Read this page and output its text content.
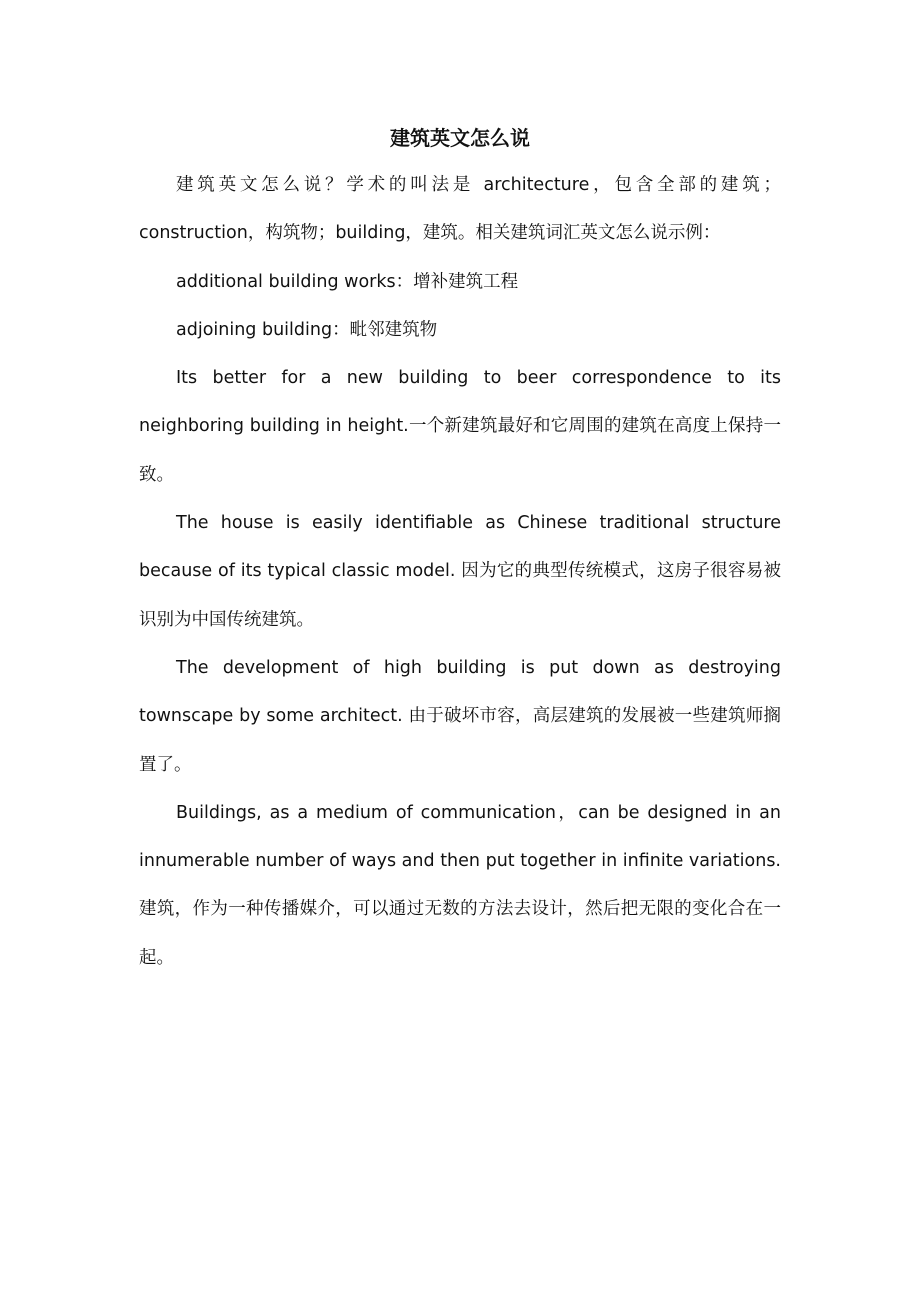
建筑英文怎么说

建筑英文怎么说？学术的叫法是 architecture，包含全部的建筑；construction，构筑物；building，建筑。相关建筑词汇英文怎么说示例：

additional building works：增补建筑工程

adjoining building：毗邻建筑物

Its better for a new building to beer correspondence to its neighboring building in height.一个新建筑最好和它周围的建筑在高度上保持一致。

The house is easily identifiable as Chinese traditional structure because of its typical classic model. 因为它的典型传统模式，这房子很容易被识别为中国传统建筑。

The development of high building is put down as destroying townscape by some architect. 由于破坏市容，高层建筑的发展被一些建筑师搁置了。

Buildings, as a medium of communication，can be designed in an innumerable number of ways and then put together in infinite variations.建筑，作为一种传播媒介，可以通过无数的方法去设计，然后把无限的变化合在一起。
